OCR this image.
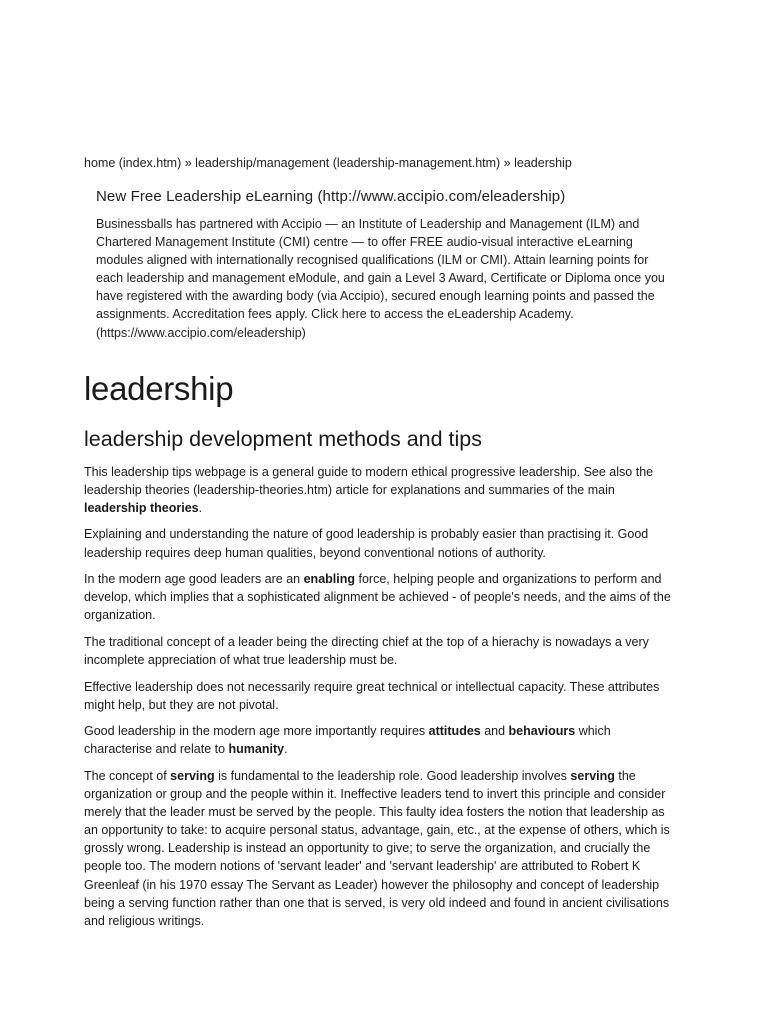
home (index.htm) » leadership/management (leadership-management.htm) » leadership
New Free Leadership eLearning (http://www.accipio.com/eleadership)

Businessballs has partnered with Accipio — an Institute of Leadership and Management (ILM) and Chartered Management Institute (CMI) centre — to offer FREE audio-visual interactive eLearning modules aligned with internationally recognised qualifications (ILM or CMI). Attain learning points for each leadership and management eModule, and gain a Level 3 Award, Certificate or Diploma once you have registered with the awarding body (via Accipio), secured enough learning points and passed the assignments. Accreditation fees apply. Click here to access the eLeadership Academy. (https://www.accipio.com/eleadership)

leadership
leadership development methods and tips

This leadership tips webpage is a general guide to modern ethical progressive leadership. See also the leadership theories (leadership-theories.htm) article for explanations and summaries of the main leadership theories.

Explaining and understanding the nature of good leadership is probably easier than practising it. Good leadership requires deep human qualities, beyond conventional notions of authority.

In the modern age good leaders are an enabling force, helping people and organizations to perform and develop, which implies that a sophisticated alignment be achieved - of people's needs, and the aims of the organization.

The traditional concept of a leader being the directing chief at the top of a hierachy is nowadays a very incomplete appreciation of what true leadership must be.

Effective leadership does not necessarily require great technical or intellectual capacity. These attributes might help, but they are not pivotal.

Good leadership in the modern age more importantly requires attitudes and behaviours which characterise and relate to humanity.

The concept of serving is fundamental to the leadership role. Good leadership involves serving the organization or group and the people within it. Ineffective leaders tend to invert this principle and consider merely that the leader must be served by the people. This faulty idea fosters the notion that leadership as an opportunity to take: to acquire personal status, advantage, gain, etc., at the expense of others, which is grossly wrong. Leadership is instead an opportunity to give; to serve the organization, and crucially the people too. The modern notions of 'servant leader' and 'servant leadership' are attributed to Robert K Greenleaf (in his 1970 essay The Servant as Leader) however the philosophy and concept of leadership being a serving function rather than one that is served, is very old indeed and found in ancient civilisations and religious writings.
